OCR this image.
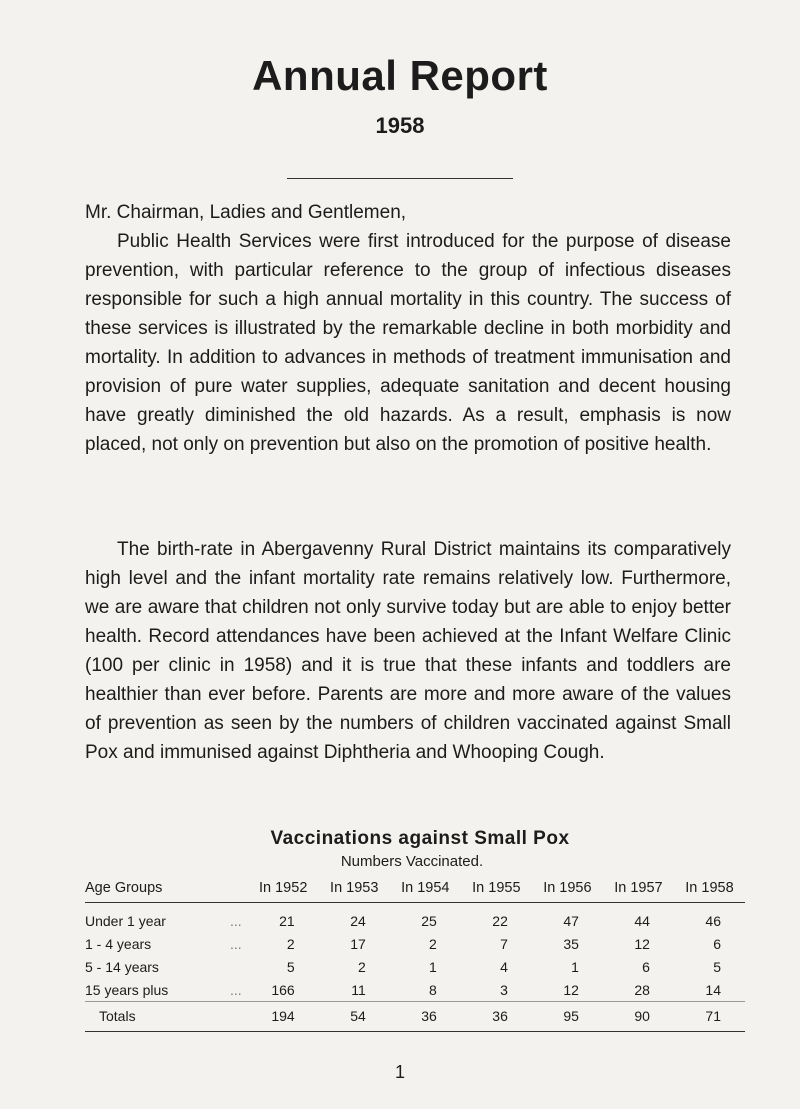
Annual Report
1958
Mr. Chairman, Ladies and Gentlemen,
Public Health Services were first introduced for the purpose of disease prevention, with particular reference to the group of infectious diseases responsible for such a high annual mortality in this country. The success of these services is illustrated by the remarkable decline in both morbidity and mortality. In addition to advances in methods of treatment immunisation and provision of pure water supplies, adequate sanitation and decent housing have greatly diminished the old hazards. As a result, emphasis is now placed, not only on prevention but also on the promotion of positive health.
The birth-rate in Abergavenny Rural District maintains its comparatively high level and the infant mortality rate remains relatively low. Furthermore, we are aware that children not only survive today but are able to enjoy better health. Record attendances have been achieved at the Infant Welfare Clinic (100 per clinic in 1958) and it is true that these infants and toddlers are healthier than ever before. Parents are more and more aware of the values of prevention as seen by the numbers of children vaccinated against Small Pox and immunised against Diphtheria and Whooping Cough.
Vaccinations against Small Pox
Numbers Vaccinated.
Age Groups		In 1952	In 1953	In 1954	In 1955	In 1956	In 1957	In 1958
Under 1 year	...	21	24	25	22	47	44	46
1 - 4 years	...	2	17	2	7	35	12	6
5 - 14 years		5	2	1	4	1	6	5
15 years plus	...	166	11	8	3	12	28	14
Totals		194	54	36	36	95	90	71
1
